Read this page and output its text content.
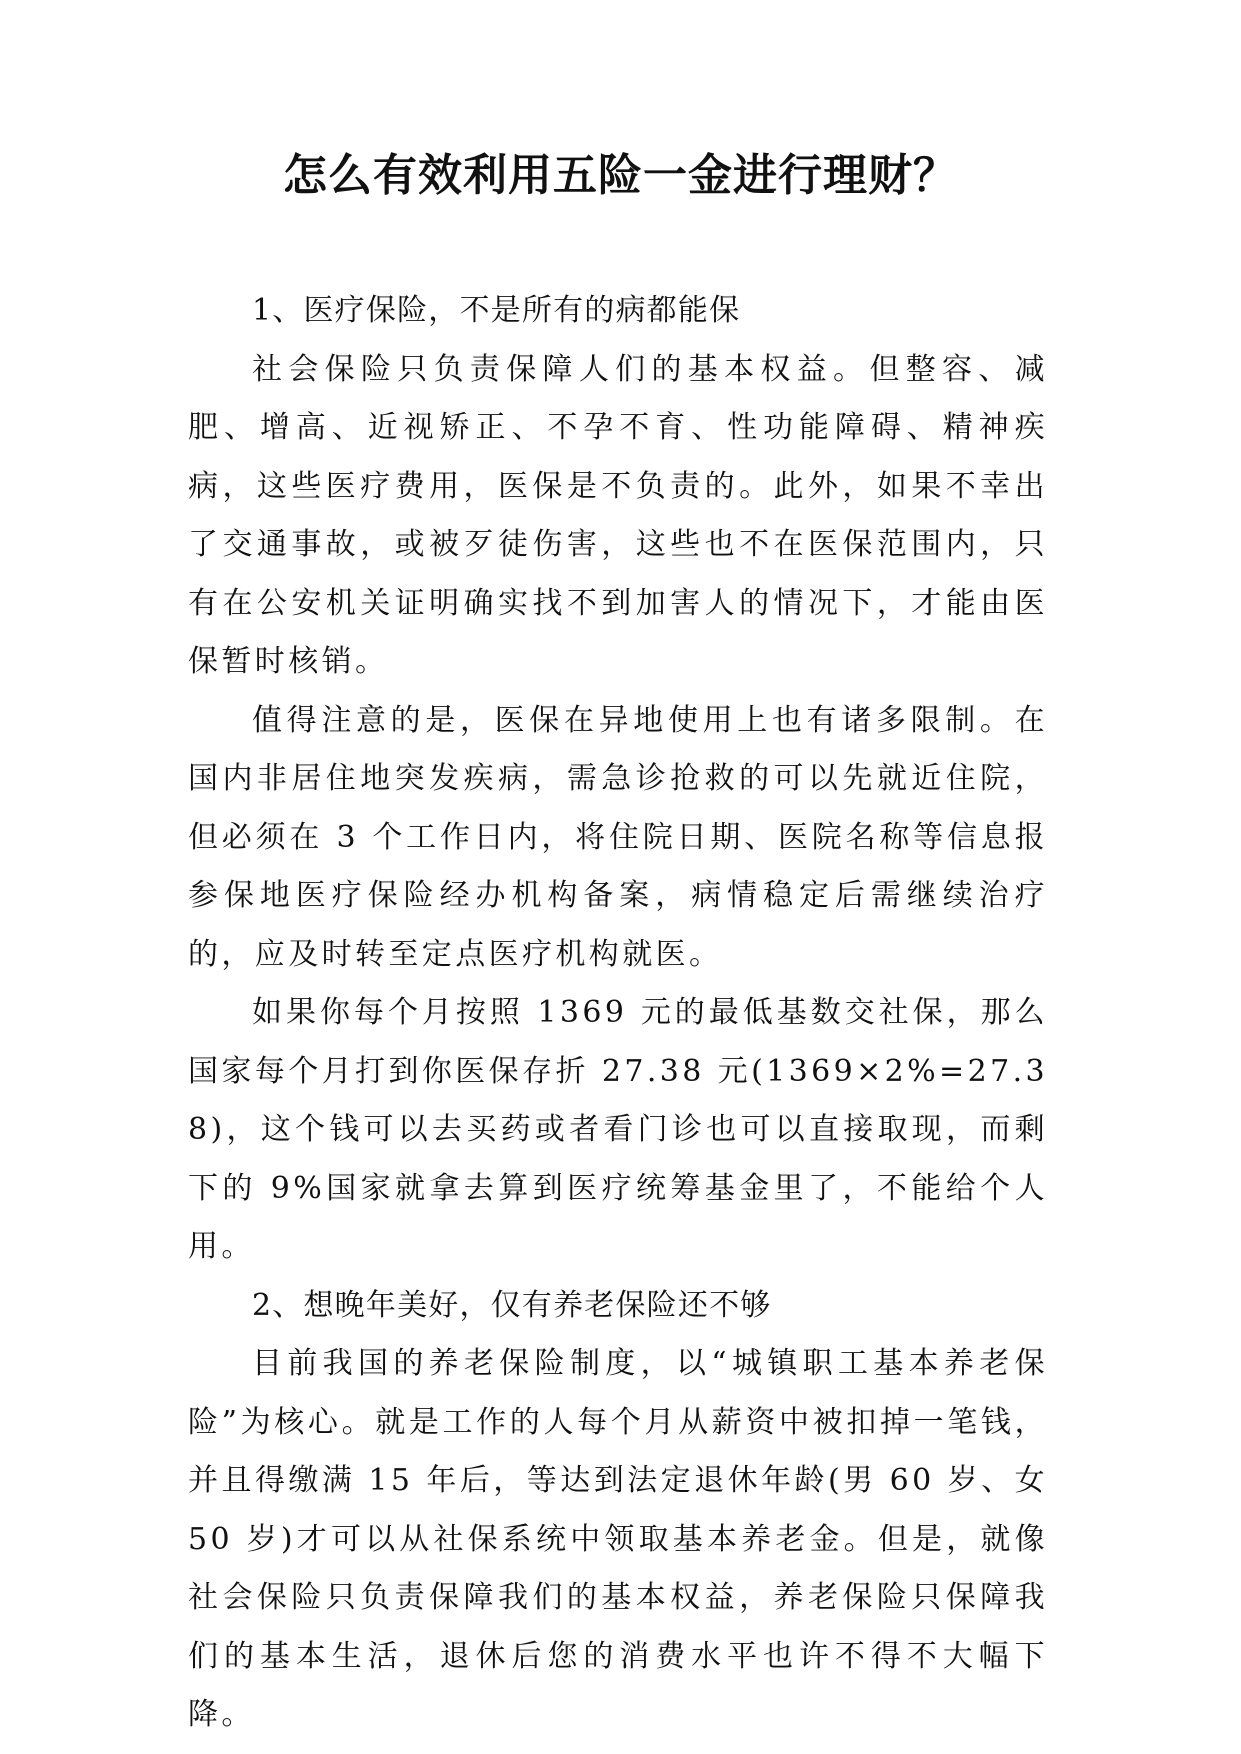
怎么有效利用五险一金进行理财？

1、医疗保险，不是所有的病都能保

社会保险只负责保障人们的基本权益。但整容、减肥、增高、近视矫正、不孕不育、性功能障碍、精神疾病，这些医疗费用，医保是不负责的。此外，如果不幸出了交通事故，或被歹徒伤害，这些也不在医保范围内，只有在公安机关证明确实找不到加害人的情况下，才能由医保暂时核销。

值得注意的是，医保在异地使用上也有诸多限制。在国内非居住地突发疾病，需急诊抢救的可以先就近住院，但必须在 3 个工作日内，将住院日期、医院名称等信息报参保地医疗保险经办机构备案，病情稳定后需继续治疗的，应及时转至定点医疗机构就医。

如果你每个月按照 1369 元的最低基数交社保，那么国家每个月打到你医保存折 27.38 元(1369×2%=27.38)，这个钱可以去买药或者看门诊也可以直接取现，而剩下的 9%国家就拿去算到医疗统筹基金里了，不能给个人用。

2、想晚年美好，仅有养老保险还不够

目前我国的养老保险制度，以“城镇职工基本养老保险”为核心。就是工作的人每个月从薪资中被扣掉一笔钱，并且得缴满 15 年后，等达到法定退休年龄(男 60 岁、女 50 岁)才可以从社保系统中领取基本养老金。但是，就像社会保险只负责保障我们的基本权益，养老保险只保障我们的基本生活，退休后您的消费水平也许不得不大幅下降。
